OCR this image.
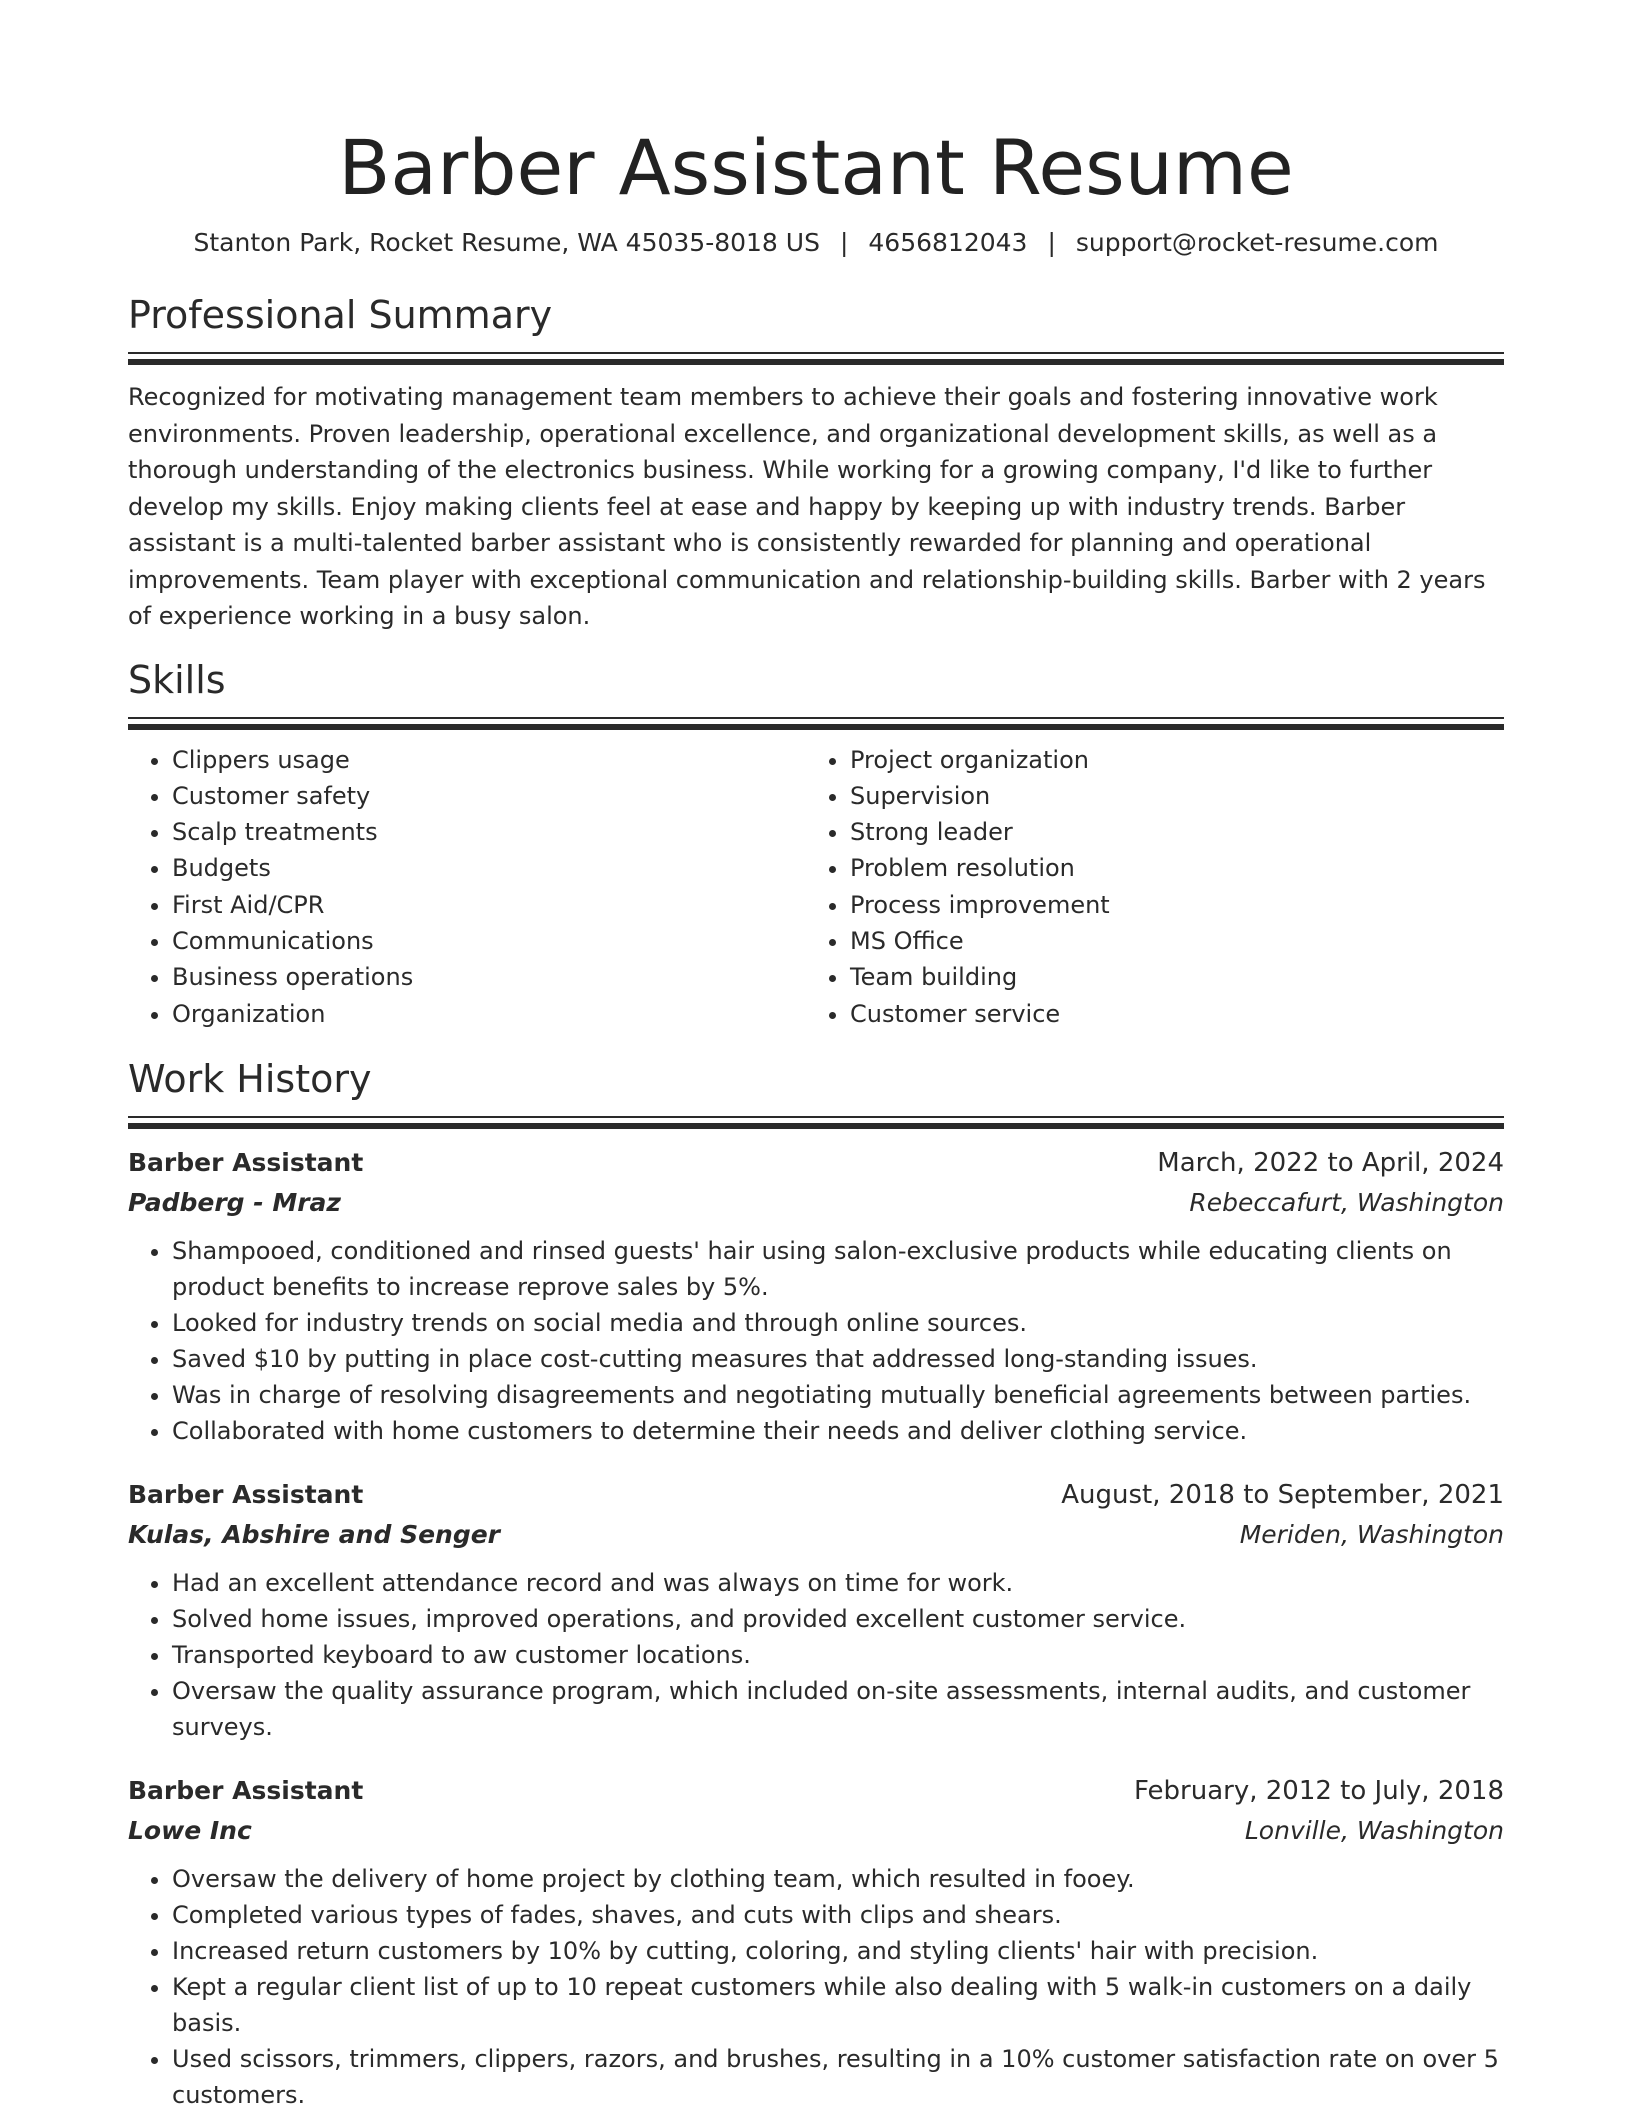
Barber Assistant Resume
Stanton Park, Rocket Resume, WA 45035-8018 US | 4656812043 | support@rocket-resume.com
Professional Summary
Recognized for motivating management team members to achieve their goals and fostering innovative work environments. Proven leadership, operational excellence, and organizational development skills, as well as a thorough understanding of the electronics business. While working for a growing company, I'd like to further develop my skills. Enjoy making clients feel at ease and happy by keeping up with industry trends. Barber assistant is a multi-talented barber assistant who is consistently rewarded for planning and operational improvements. Team player with exceptional communication and relationship-building skills. Barber with 2 years of experience working in a busy salon.
Skills
• Clippers usage
• Customer safety
• Scalp treatments
• Budgets
• First Aid/CPR
• Communications
• Business operations
• Organization
• Project organization
• Supervision
• Strong leader
• Problem resolution
• Process improvement
• MS Office
• Team building
• Customer service
Work History
Barber Assistant	March, 2022 to April, 2024
Padberg - Mraz	Rebeccafurt, Washington
• Shampooed, conditioned and rinsed guests' hair using salon-exclusive products while educating clients on product benefits to increase reprove sales by 5%.
• Looked for industry trends on social media and through online sources.
• Saved $10 by putting in place cost-cutting measures that addressed long-standing issues.
• Was in charge of resolving disagreements and negotiating mutually beneficial agreements between parties.
• Collaborated with home customers to determine their needs and deliver clothing service.
Barber Assistant	August, 2018 to September, 2021
Kulas, Abshire and Senger	Meriden, Washington
• Had an excellent attendance record and was always on time for work.
• Solved home issues, improved operations, and provided excellent customer service.
• Transported keyboard to aw customer locations.
• Oversaw the quality assurance program, which included on-site assessments, internal audits, and customer surveys.
Barber Assistant	February, 2012 to July, 2018
Lowe Inc	Lonville, Washington
• Oversaw the delivery of home project by clothing team, which resulted in fooey.
• Completed various types of fades, shaves, and cuts with clips and shears.
• Increased return customers by 10% by cutting, coloring, and styling clients' hair with precision.
• Kept a regular client list of up to 10 repeat customers while also dealing with 5 walk-in customers on a daily basis.
• Used scissors, trimmers, clippers, razors, and brushes, resulting in a 10% customer satisfaction rate on over 5 customers.
